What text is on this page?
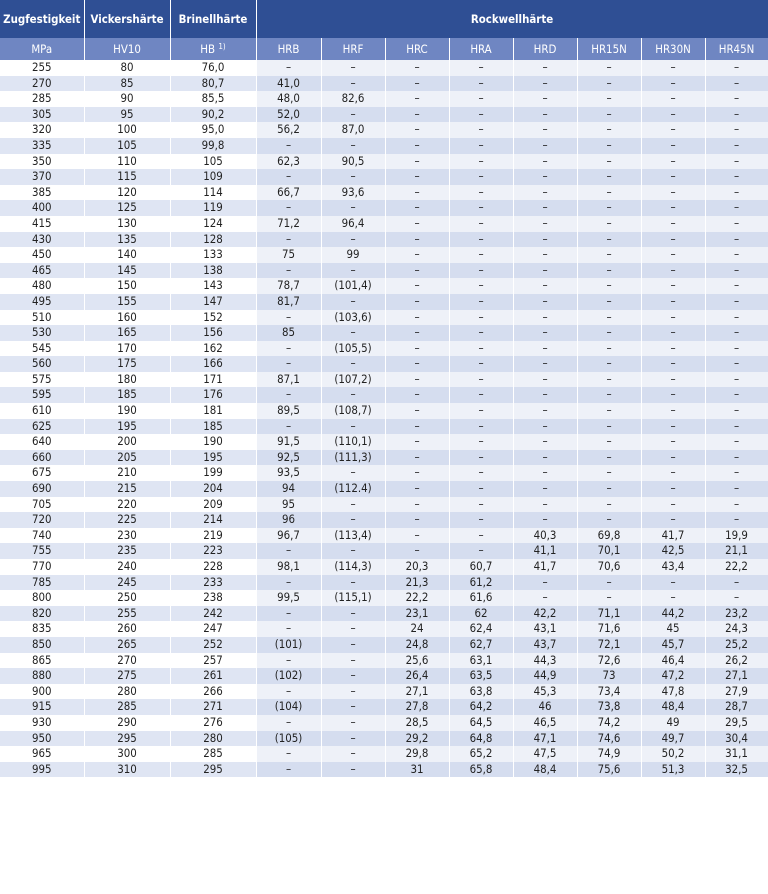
Zugfestigkeit	Vickershärte	Brinellhärte	Rockwellhärte							
MPa	HV10	HB $^{1)}$	HRB	HRF	HRC	HRA	HRD	HR15N	HR30N	HR45N
255	80	76,0	–	–	–	–	–	–	–	–
270	85	80,7	41,0	–	–	–	–	–	–	–
285	90	85,5	48,0	82,6	–	–	–	–	–	–
305	95	90,2	52,0	–	–	–	–	–	–	–
320	100	95,0	56,2	87,0	–	–	–	–	–	–
335	105	99,8	–	–	–	–	–	–	–	–
350	110	105	62,3	90,5	–	–	–	–	–	–
370	115	109	–	–	–	–	–	–	–	–
385	120	114	66,7	93,6	–	–	–	–	–	–
400	125	119	–	–	–	–	–	–	–	–
415	130	124	71,2	96,4	–	–	–	–	–	–
430	135	128	–	–	–	–	–	–	–	–
450	140	133	75	99	–	–	–	–	–	–
465	145	138	–	–	–	–	–	–	–	–
480	150	143	78,7	(101,4)	–	–	–	–	–	–
495	155	147	81,7	–	–	–	–	–	–	–
510	160	152	–	(103,6)	–	–	–	–	–	–
530	165	156	85	–	–	–	–	–	–	–
545	170	162	–	(105,5)	–	–	–	–	–	–
560	175	166	–	–	–	–	–	–	–	–
575	180	171	87,1	(107,2)	–	–	–	–	–	–
595	185	176	–	–	–	–	–	–	–	–
610	190	181	89,5	(108,7)	–	–	–	–	–	–
625	195	185	–	–	–	–	–	–	–	–
640	200	190	91,5	(110,1)	–	–	–	–	–	–
660	205	195	92,5	(111,3)	–	–	–	–	–	–
675	210	199	93,5	–	–	–	–	–	–	–
690	215	204	94	(112.4)	–	–	–	–	–	–
705	220	209	95	–	–	–	–	–	–	–
720	225	214	96	–	–	–	–	–	–	–
740	230	219	96,7	(113,4)	–	–	40,3	69,8	41,7	19,9
755	235	223	–	–	–	–	41,1	70,1	42,5	21,1
770	240	228	98,1	(114,3)	20,3	60,7	41,7	70,6	43,4	22,2
785	245	233	–	–	21,3	61,2	–	–	–	–
800	250	238	99,5	(115,1)	22,2	61,6	–	–	–	–
820	255	242	–	–	23,1	62	42,2	71,1	44,2	23,2
835	260	247	–	–	24	62,4	43,1	71,6	45	24,3
850	265	252	(101)	–	24,8	62,7	43,7	72,1	45,7	25,2
865	270	257	–	–	25,6	63,1	44,3	72,6	46,4	26,2
880	275	261	(102)	–	26,4	63,5	44,9	73	47,2	27,1
900	280	266	–	–	27,1	63,8	45,3	73,4	47,8	27,9
915	285	271	(104)	–	27,8	64,2	46	73,8	48,4	28,7
930	290	276	–	–	28,5	64,5	46,5	74,2	49	29,5
950	295	280	(105)	–	29,2	64,8	47,1	74,6	49,7	30,4
965	300	285	–	–	29,8	65,2	47,5	74,9	50,2	31,1
995	310	295	–	–	31	65,8	48,4	75,6	51,3	32,5
